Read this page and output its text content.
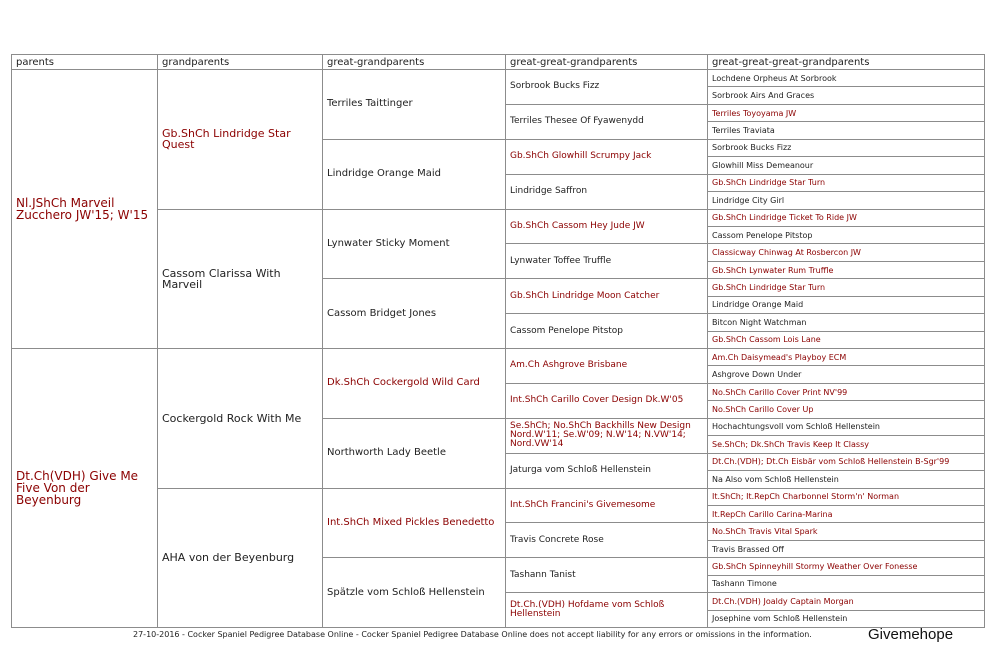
parents	grandparents	great-grandparents	great-great-grandparents	great-great-great-grandparents
Nl.JShCh Marveil Zucchero JW'15; W'15	Gb.ShCh Lindridge Star Quest	Terriles Taittinger	Sorbrook Bucks Fizz	Lochdene Orpheus At Sorbrook
				Sorbrook Airs And Graces
			Terriles Thesee Of Fyawenydd	Terriles Toyoyama JW
				Terriles Traviata
		Lindridge Orange Maid	Gb.ShCh Glowhill Scrumpy Jack	Sorbrook Bucks Fizz
				Glowhill Miss Demeanour
			Lindridge Saffron	Gb.ShCh Lindridge Star Turn
				Lindridge City Girl
	Cassom Clarissa With Marveil	Lynwater Sticky Moment	Gb.ShCh Cassom Hey Jude JW	Gb.ShCh Lindridge Ticket To Ride JW
				Cassom Penelope Pitstop
			Lynwater Toffee Truffle	Classicway Chinwag At Rosbercon JW
				Gb.ShCh Lynwater Rum Truffle
		Cassom Bridget Jones	Gb.ShCh Lindridge Moon Catcher	Gb.ShCh Lindridge Star Turn
				Lindridge Orange Maid
			Cassom Penelope Pitstop	Bitcon Night Watchman
				Gb.ShCh Cassom Lois Lane
Dt.Ch(VDH) Give Me Five Von der Beyenburg	Cockergold Rock With Me	Dk.ShCh Cockergold Wild Card	Am.Ch Ashgrove Brisbane	Am.Ch Daisymead's Playboy ECM
				Ashgrove Down Under
			Int.ShCh Carillo Cover Design Dk.W'05	No.ShCh Carillo Cover Print NV'99
				No.ShCh Carillo Cover Up
		Northworth Lady Beetle	Se.ShCh; No.ShCh Backhills New Design Nord.W'11; Se.W'09; N.W'14; N.VW'14; Nord.VW'14	Hochachtungsvoll vom Schloß Hellenstein
				Se.ShCh; Dk.ShCh Travis Keep It Classy
			Jaturga vom Schloß Hellenstein	Dt.Ch.(VDH); Dt.Ch Eisbär vom Schloß Hellenstein B-Sgr'99
				Na Also vom Schloß Hellenstein
	AHA von der Beyenburg	Int.ShCh Mixed Pickles Benedetto	Int.ShCh Francini's Givemesome	It.ShCh; It.RepCh Charbonnel Storm'n' Norman
				It.RepCh Carillo Carina-Marina
			Travis Concrete Rose	No.ShCh Travis Vital Spark
				Travis Brassed Off
		Spätzle vom Schloß Hellenstein	Tashann Tanist	Gb.ShCh Spinneyhill Stormy Weather Over Fonesse
				Tashann Timone
			Dt.Ch.(VDH) Hofdame vom Schloß Hellenstein	Dt.Ch.(VDH) Joaldy Captain Morgan
				Josephine vom Schloß Hellenstein
27-10-2016 - Cocker Spaniel Pedigree Database Online - Cocker Spaniel Pedigree Database Online does not accept liability for any errors or omissions in the information.	Givemehope
